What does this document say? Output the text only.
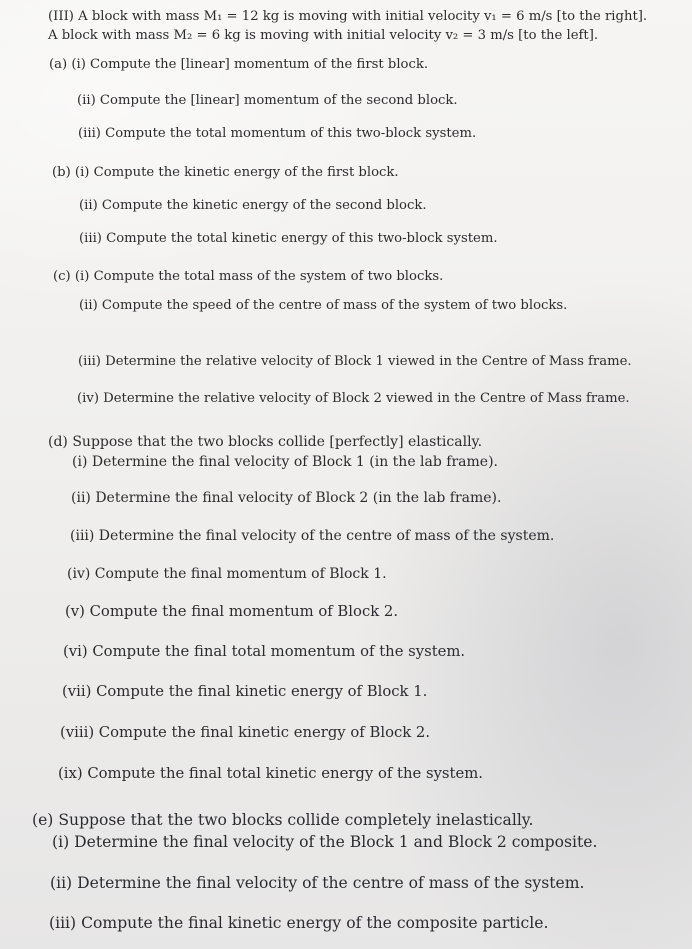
(III) A block with mass M₁ = 12 kg is moving with initial velocity v₁ = 6 m/s [to the right].
A block with mass M₂ = 6 kg is moving with initial velocity v₂ = 3 m/s [to the left].
(a) (i) Compute the [linear] momentum of the first block.
(ii) Compute the [linear] momentum of the second block.
(iii) Compute the total momentum of this two-block system.
(b) (i) Compute the kinetic energy of the first block.
(ii) Compute the kinetic energy of the second block.
(iii) Compute the total kinetic energy of this two-block system.
(c) (i) Compute the total mass of the system of two blocks.
(ii) Compute the speed of the centre of mass of the system of two blocks.
(iii) Determine the relative velocity of Block 1 viewed in the Centre of Mass frame.
(iv) Determine the relative velocity of Block 2 viewed in the Centre of Mass frame.
(d) Suppose that the two blocks collide [perfectly] elastically.
(i) Determine the final velocity of Block 1 (in the lab frame).
(ii) Determine the final velocity of Block 2 (in the lab frame).
(iii) Determine the final velocity of the centre of mass of the system.
(iv) Compute the final momentum of Block 1.
(v) Compute the final momentum of Block 2.
(vi) Compute the final total momentum of the system.
(vii) Compute the final kinetic energy of Block 1.
(viii) Compute the final kinetic energy of Block 2.
(ix) Compute the final total kinetic energy of the system.
(e) Suppose that the two blocks collide completely inelastically.
(i) Determine the final velocity of the Block 1 and Block 2 composite.
(ii) Determine the final velocity of the centre of mass of the system.
(iii) Compute the final kinetic energy of the composite particle.
